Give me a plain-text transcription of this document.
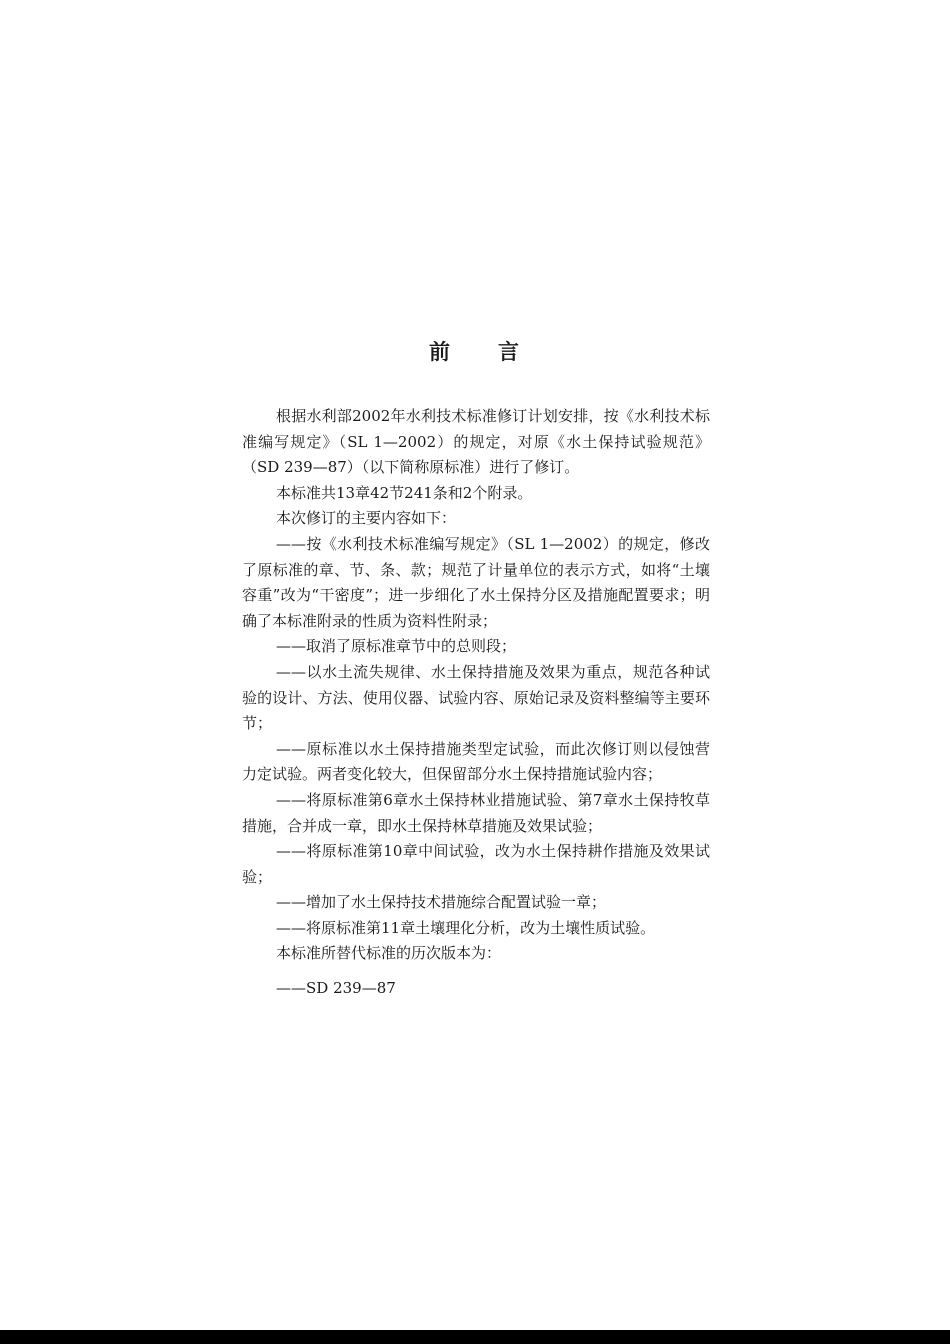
前 言

根据水利部2002年水利技术标准修订计划安排，按《水利技术标准编写规定》（SL 1—2002）的规定，对原《水土保持试验规范》（SD 239—87）（以下简称原标准）进行了修订。

本标准共13章42节241条和2个附录。

本次修订的主要内容如下：

——按《水利技术标准编写规定》（SL 1—2002）的规定，修改了原标准的章、节、条、款；规范了计量单位的表示方式，如将“土壤容重”改为“干密度”；进一步细化了水土保持分区及措施配置要求；明确了本标准附录的性质为资料性附录；

——取消了原标准章节中的总则段；

——以水土流失规律、水土保持措施及效果为重点，规范各种试验的设计、方法、使用仪器、试验内容、原始记录及资料整编等主要环节；

——原标准以水土保持措施类型定试验，而此次修订则以侵蚀营力定试验。两者变化较大，但保留部分水土保持措施试验内容；

——将原标准第6章水土保持林业措施试验、第7章水土保持牧草措施，合并成一章，即水土保持林草措施及效果试验；

——将原标准第10章中间试验，改为水土保持耕作措施及效果试验；

——增加了水土保持技术措施综合配置试验一章；

——将原标准第11章土壤理化分析，改为土壤性质试验。

本标准所替代标准的历次版本为：

——SD 239—87
